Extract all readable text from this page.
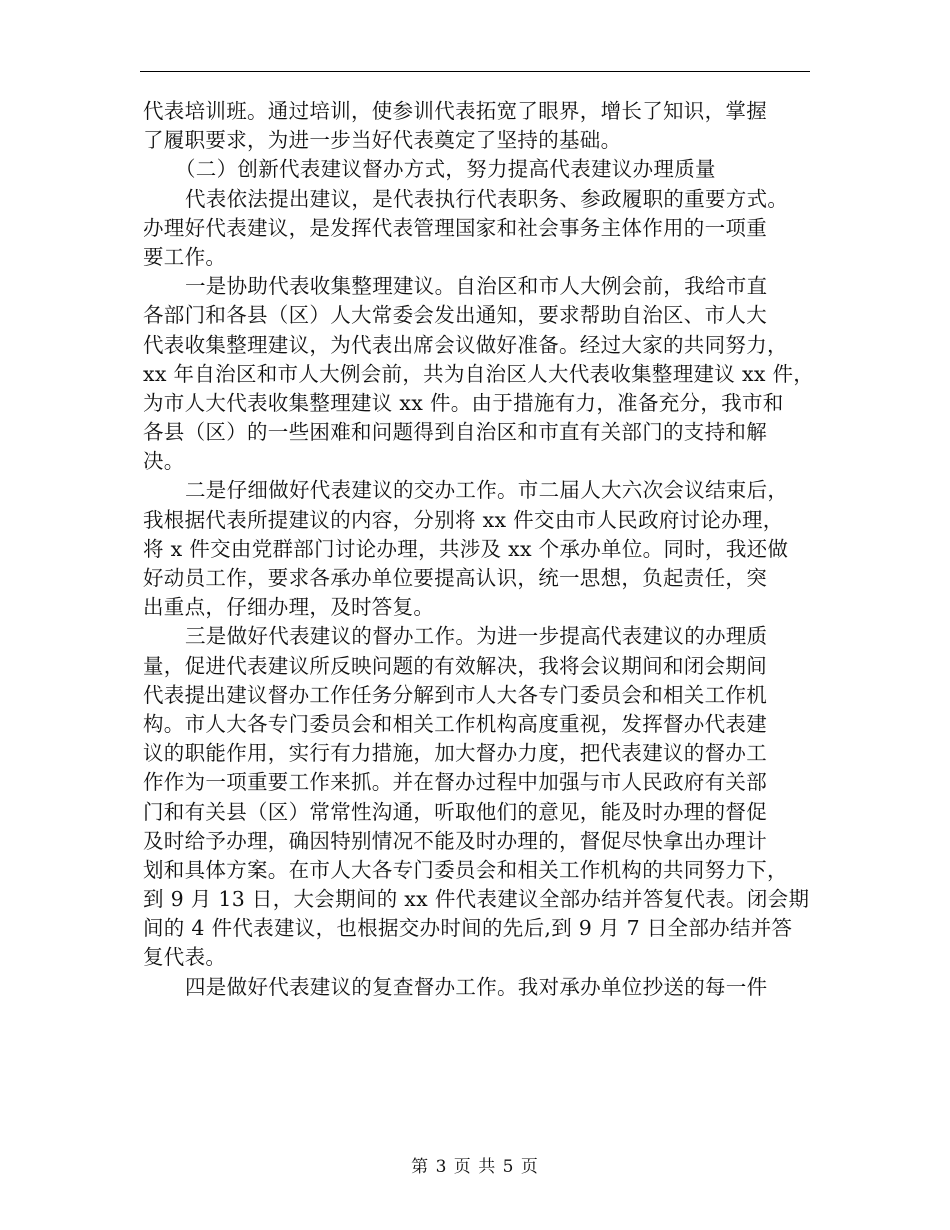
代表培训班。通过培训，使参训代表拓宽了眼界，增长了知识，掌握
了履职要求，为进一步当好代表奠定了坚持的基础。
（二）创新代表建议督办方式，努力提高代表建议办理质量
代表依法提出建议，是代表执行代表职务、参政履职的重要方式。
办理好代表建议，是发挥代表管理国家和社会事务主体作用的一项重
要工作。
一是协助代表收集整理建议。自治区和市人大例会前，我给市直
各部门和各县（区）人大常委会发出通知，要求帮助自治区、市人大
代表收集整理建议，为代表出席会议做好准备。经过大家的共同努力，
xx 年自治区和市人大例会前，共为自治区人大代表收集整理建议 xx 件，
为市人大代表收集整理建议 xx 件。由于措施有力，准备充分，我市和
各县（区）的一些困难和问题得到自治区和市直有关部门的支持和解
决。
二是仔细做好代表建议的交办工作。市二届人大六次会议结束后，
我根据代表所提建议的内容，分别将 xx 件交由市人民政府讨论办理，
将 x 件交由党群部门讨论办理，共涉及 xx 个承办单位。同时，我还做
好动员工作，要求各承办单位要提高认识，统一思想，负起责任，突
出重点，仔细办理，及时答复。
三是做好代表建议的督办工作。为进一步提高代表建议的办理质
量，促进代表建议所反映问题的有效解决，我将会议期间和闭会期间
代表提出建议督办工作任务分解到市人大各专门委员会和相关工作机
构。市人大各专门委员会和相关工作机构高度重视，发挥督办代表建
议的职能作用，实行有力措施，加大督办力度，把代表建议的督办工
作作为一项重要工作来抓。并在督办过程中加强与市人民政府有关部
门和有关县（区）常常性沟通，听取他们的意见，能及时办理的督促
及时给予办理，确因特别情况不能及时办理的，督促尽快拿出办理计
划和具体方案。在市人大各专门委员会和相关工作机构的共同努力下，
到 9 月 13 日，大会期间的 xx 件代表建议全部办结并答复代表。闭会期
间的 4 件代表建议，也根据交办时间的先后,到 9 月 7 日全部办结并答
复代表。
四是做好代表建议的复查督办工作。我对承办单位抄送的每一件
第 3 页 共 5 页
